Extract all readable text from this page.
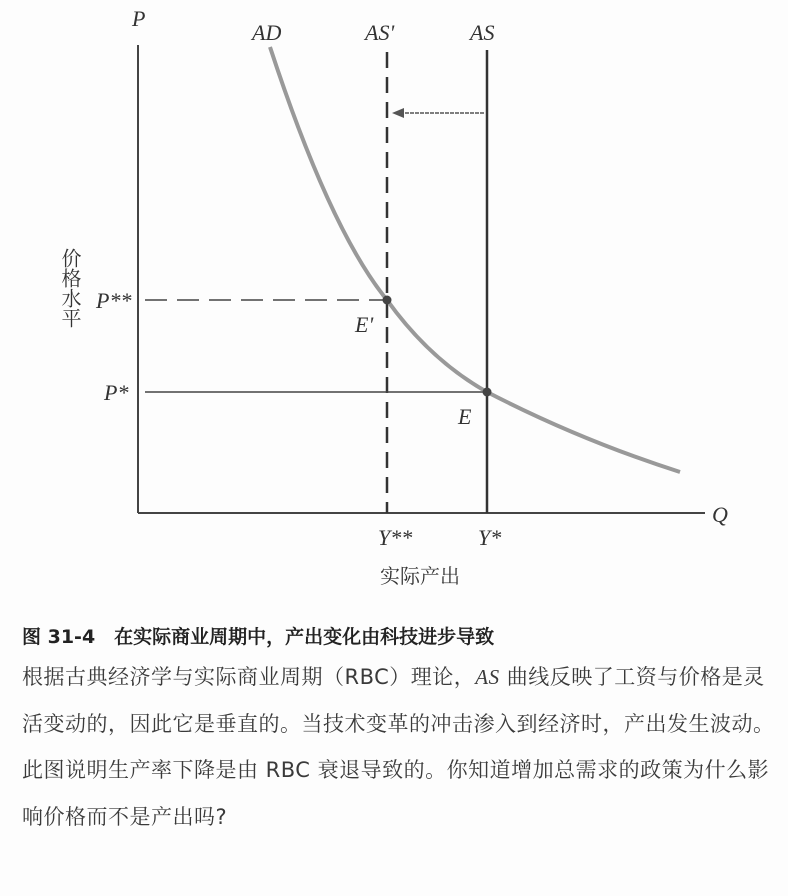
P
Q
AD	AS'	AS
P**
P*
E'
E
Y**	Y*
价格水平
实际产出
图 31-4　在实际商业周期中，产出变化由科技进步导致
根据古典经济学与实际商业周期（RBC）理论，AS 曲线反映了工资与价格是灵活变动的，因此它是垂直的。当技术变革的冲击渗入到经济时，产出发生波动。此图说明生产率下降是由 RBC 衰退导致的。你知道增加总需求的政策为什么影响价格而不是产出吗?
